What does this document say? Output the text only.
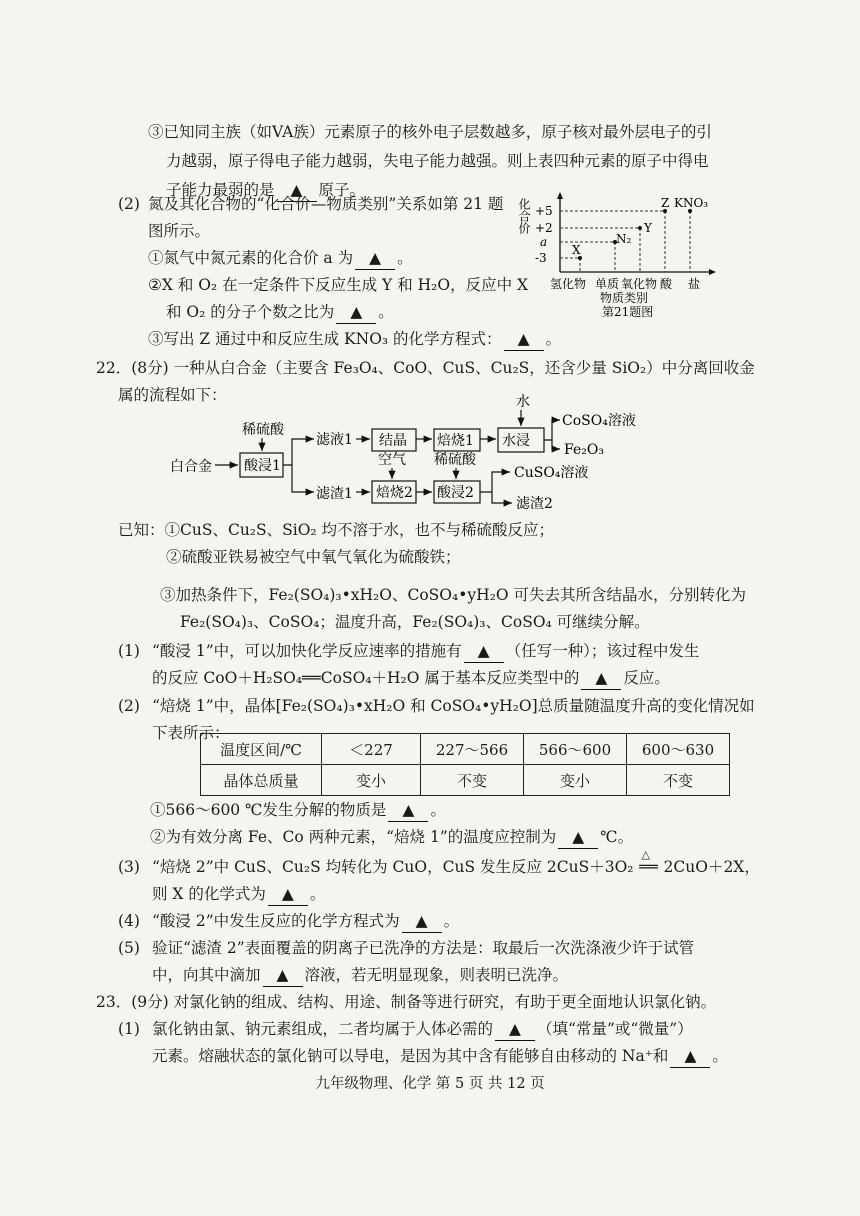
③已知同主族（如VA族）元素原子的核外电子层数越多，原子核对最外层电子的引
力越弱，原子得电子能力越弱，失电子能力越强。则上表四种元素的原子中得电
子能力最弱的是 ▲ 原子。
(2) 氮及其化合物的“化合价—物质类别”关系如第 21 题
图所示。
①氮气中氮元素的化合价 a 为 ▲ 。
②X 和 O₂ 在一定条件下反应生成 Y 和 H₂O，反应中 X
和 O₂ 的分子个数之比为 ▲ 。
③写出 Z 通过中和反应生成 KNO₃ 的化学方程式： ▲ 。
化合价 +5
+2
a
-3
X
N₂
Y
Z KNO₃
氢化物 单质 氧化物 酸 盐
物质类别
第21题图
22．(8分) 一种从白合金（主要含 Fe₃O₄、CoO、CuS、Cu₂S，还含少量 SiO₂）中分离回收金
属的流程如下：
白合金
稀硫酸
滤液1
滤渣1
水
CoSO₄溶液
Fe₂O₃
空气 稀硫酸
CuSO₄溶液
滤渣2
酸浸1
结晶 焙烧1 水浸
焙烧2 酸浸2
已知：①CuS、Cu₂S、SiO₂ 均不溶于水，也不与稀硫酸反应；
②硫酸亚铁易被空气中氧气氧化为硫酸铁；
③加热条件下，Fe₂(SO₄)₃•xH₂O、CoSO₄•yH₂O 可失去其所含结晶水，分别转化为
Fe₂(SO₄)₃、CoSO₄；温度升高，Fe₂(SO₄)₃、CoSO₄ 可继续分解。
(1) “酸浸 1”中，可以加快化学反应速率的措施有 ▲ （任写一种）；该过程中发生
的反应 CoO＋H₂SO₄══CoSO₄＋H₂O 属于基本反应类型中的 ▲ 反应。
(2) “焙烧 1”中，晶体[Fe₂(SO₄)₃•xH₂O 和 CoSO₄•yH₂O]总质量随温度升高的变化情况如
下表所示：
温度区间/℃	＜227	227～566	566～600	600～630
晶体总质量	变小	不变	变小	不变
①566～600 ℃发生分解的物质是 ▲ 。
②为有效分离 Fe、Co 两种元素，“焙烧 1”的温度应控制为 ▲ ℃。
(3) “焙烧 2”中 CuS、Cu₂S 均转化为 CuO，CuS 发生反应 2CuS＋3O₂
△
══ 2CuO＋2X，
则 X 的化学式为 ▲ 。
(4) “酸浸 2”中发生反应的化学方程式为 ▲ 。
(5) 验证“滤渣 2”表面覆盖的阴离子已洗净的方法是：取最后一次洗涤液少许于试管
中，向其中滴加 ▲ 溶液，若无明显现象，则表明已洗净。
23．(9分) 对氯化钠的组成、结构、用途、制备等进行研究，有助于更全面地认识氯化钠。
(1) 氯化钠由氯、钠元素组成，二者均属于人体必需的 ▲ （填“常量”或“微量”）
元素。熔融状态的氯化钠可以导电，是因为其中含有能够自由移动的 Na⁺和 ▲ 。
九年级物理、化学 第 5 页 共 12 页
